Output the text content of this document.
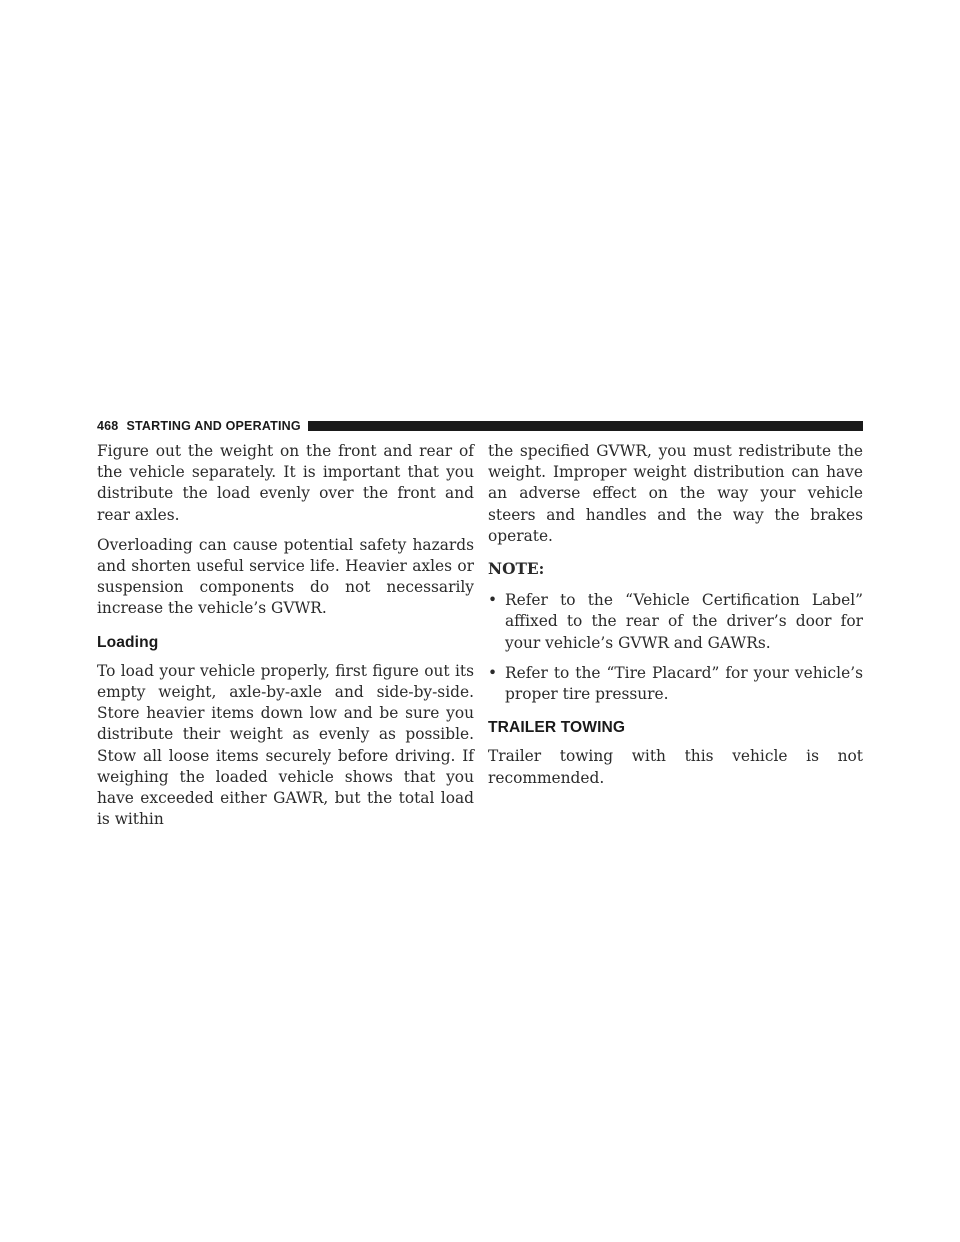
468 STARTING AND OPERATING

Figure out the weight on the front and rear of the vehicle separately. It is important that you distribute the load evenly over the front and rear axles.

Overloading can cause potential safety hazards and shorten useful service life. Heavier axles or suspension components do not necessarily increase the vehicle’s GVWR.

Loading

To load your vehicle properly, first figure out its empty weight, axle-by-axle and side-by-side. Store heavier items down low and be sure you distribute their weight as evenly as possible. Stow all loose items securely before driving. If weighing the loaded vehicle shows that you have exceeded either GAWR, but the total load is within

the specified GVWR, you must redistribute the weight. Improper weight distribution can have an adverse effect on the way your vehicle steers and handles and the way the brakes operate.

NOTE:
• Refer to the “Vehicle Certification Label” affixed to the rear of the driver’s door for your vehicle’s GVWR and GAWRs.
• Refer to the “Tire Placard” for your vehicle’s proper tire pressure.
TRAILER TOWING

Trailer towing with this vehicle is not recommended.
